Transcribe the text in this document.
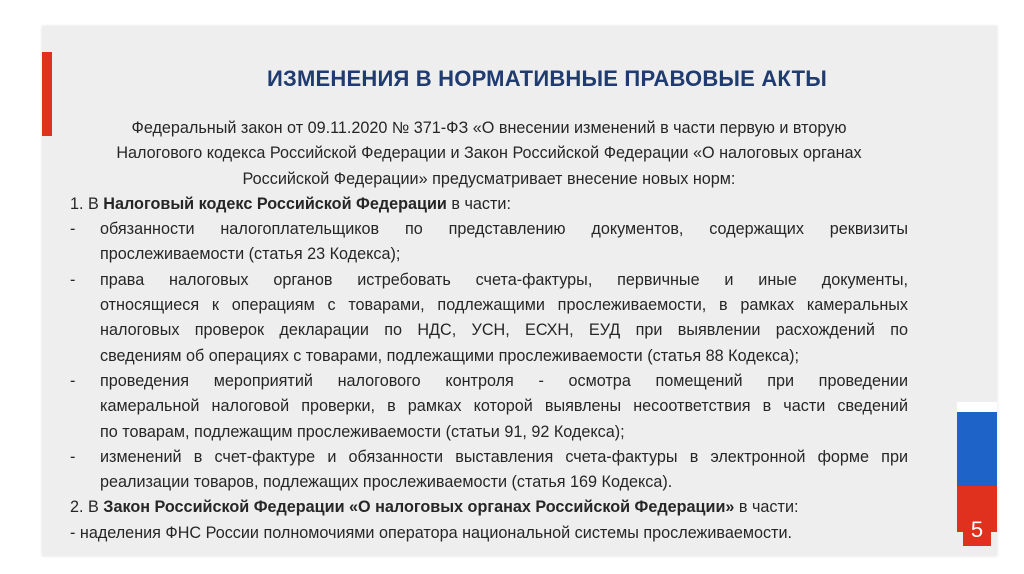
ИЗМЕНЕНИЯ В НОРМАТИВНЫЕ ПРАВОВЫЕ АКТЫ

Федеральный закон от 09.11.2020 № 371-ФЗ «О внесении изменений в части первую и вторую
Налогового кодекса Российской Федерации и Закон Российской Федерации «О налоговых органах
Российской Федерации» предусматривает внесение новых норм:

1. В Налоговый кодекс Российской Федерации в части:

-	обязанности налогоплательщиков по представлению документов, содержащих реквизиты
прослеживаемости (статья 23 Кодекса);
-	права налоговых органов истребовать счета-фактуры, первичные и иные документы,
относящиеся к операциям с товарами, подлежащими прослеживаемости, в рамках камеральных
налоговых проверок декларации по НДС, УСН, ЕСХН, ЕУД при выявлении расхождений по
сведениям об операциях с товарами, подлежащими прослеживаемости (статья 88 Кодекса);
-	проведения мероприятий налогового контроля - осмотра помещений при проведении
камеральной налоговой проверки, в рамках которой выявлены несоответствия в части сведений
по товарам, подлежащим прослеживаемости (статьи 91, 92 Кодекса);
-	изменений в счет-фактуре и обязанности выставления счета-фактуры в электронной форме при
реализации товаров, подлежащих прослеживаемости (статья 169 Кодекса).

2. В Закон Российской Федерации «О налоговых органах Российской Федерации» в части:

- наделения ФНС России полномочиями оператора национальной системы прослеживаемости.	5
